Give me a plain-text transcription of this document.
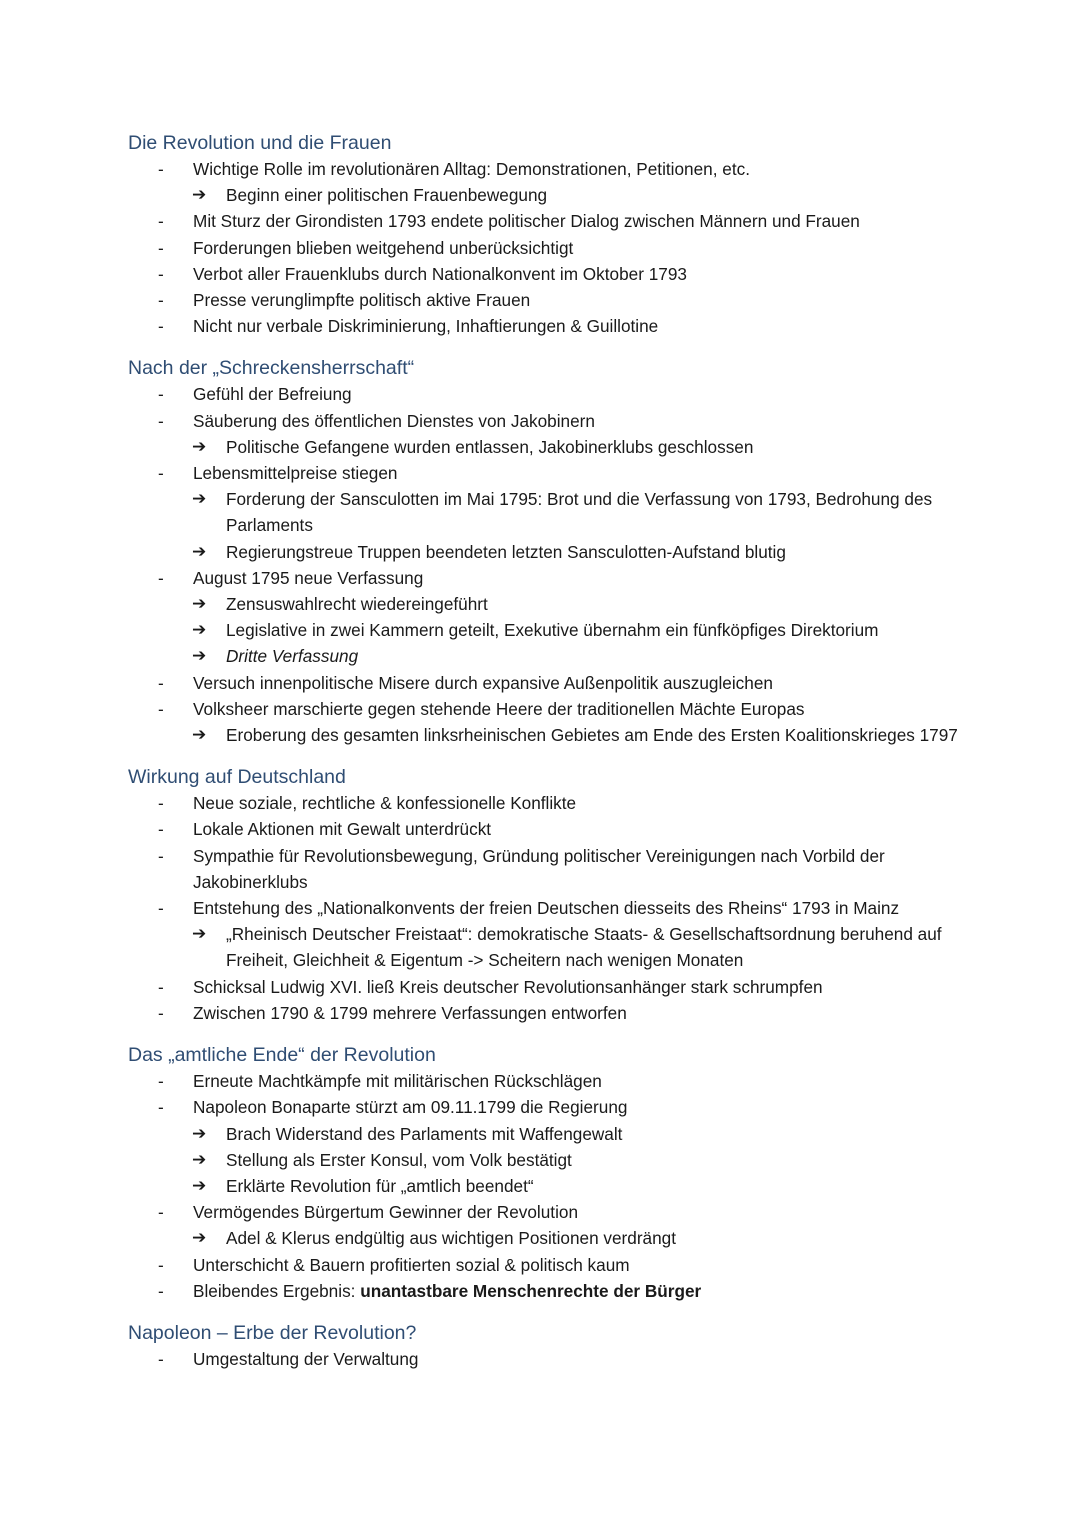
Die Revolution und die Frauen
- Wichtige Rolle im revolutionären Alltag: Demonstrationen, Petitionen, etc.
➔ Beginn einer politischen Frauenbewegung
- Mit Sturz der Girondisten 1793 endete politischer Dialog zwischen Männern und Frauen
- Forderungen blieben weitgehend unberücksichtigt
- Verbot aller Frauenklubs durch Nationalkonvent im Oktober 1793
- Presse verunglimpfte politisch aktive Frauen
- Nicht nur verbale Diskriminierung, Inhaftierungen & Guillotine
Nach der „Schreckensherrschaft“
- Gefühl der Befreiung
- Säuberung des öffentlichen Dienstes von Jakobinern
➔ Politische Gefangene wurden entlassen, Jakobinerklubs geschlossen
- Lebensmittelpreise stiegen
➔ Forderung der Sansculotten im Mai 1795: Brot und die Verfassung von 1793, Bedrohung des Parlaments
➔ Regierungstreue Truppen beendeten letzten Sansculotten-Aufstand blutig
- August 1795 neue Verfassung
➔ Zensuswahlrecht wiedereingeführt
➔ Legislative in zwei Kammern geteilt, Exekutive übernahm ein fünfköpfiges Direktorium
➔ Dritte Verfassung
- Versuch innenpolitische Misere durch expansive Außenpolitik auszugleichen
- Volksheer marschierte gegen stehende Heere der traditionellen Mächte Europas
➔ Eroberung des gesamten linksrheinischen Gebietes am Ende des Ersten Koalitionskrieges 1797
Wirkung auf Deutschland
- Neue soziale, rechtliche & konfessionelle Konflikte
- Lokale Aktionen mit Gewalt unterdrückt
- Sympathie für Revolutionsbewegung, Gründung politischer Vereinigungen nach Vorbild der Jakobinerklubs
- Entstehung des „Nationalkonvents der freien Deutschen diesseits des Rheins“ 1793 in Mainz
➔ „Rheinisch Deutscher Freistaat“: demokratische Staats- & Gesellschaftsordnung beruhend auf Freiheit, Gleichheit & Eigentum -> Scheitern nach wenigen Monaten
- Schicksal Ludwig XVI. ließ Kreis deutscher Revolutionsanhänger stark schrumpfen
- Zwischen 1790 & 1799 mehrere Verfassungen entworfen
Das „amtliche Ende“ der Revolution
- Erneute Machtkämpfe mit militärischen Rückschlägen
- Napoleon Bonaparte stürzt am 09.11.1799 die Regierung
➔ Brach Widerstand des Parlaments mit Waffengewalt
➔ Stellung als Erster Konsul, vom Volk bestätigt
➔ Erklärte Revolution für „amtlich beendet“
- Vermögendes Bürgertum Gewinner der Revolution
➔ Adel & Klerus endgültig aus wichtigen Positionen verdrängt
- Unterschicht & Bauern profitierten sozial & politisch kaum
- Bleibendes Ergebnis: unantastbare Menschenrechte der Bürger
Napoleon – Erbe der Revolution?
- Umgestaltung der Verwaltung
